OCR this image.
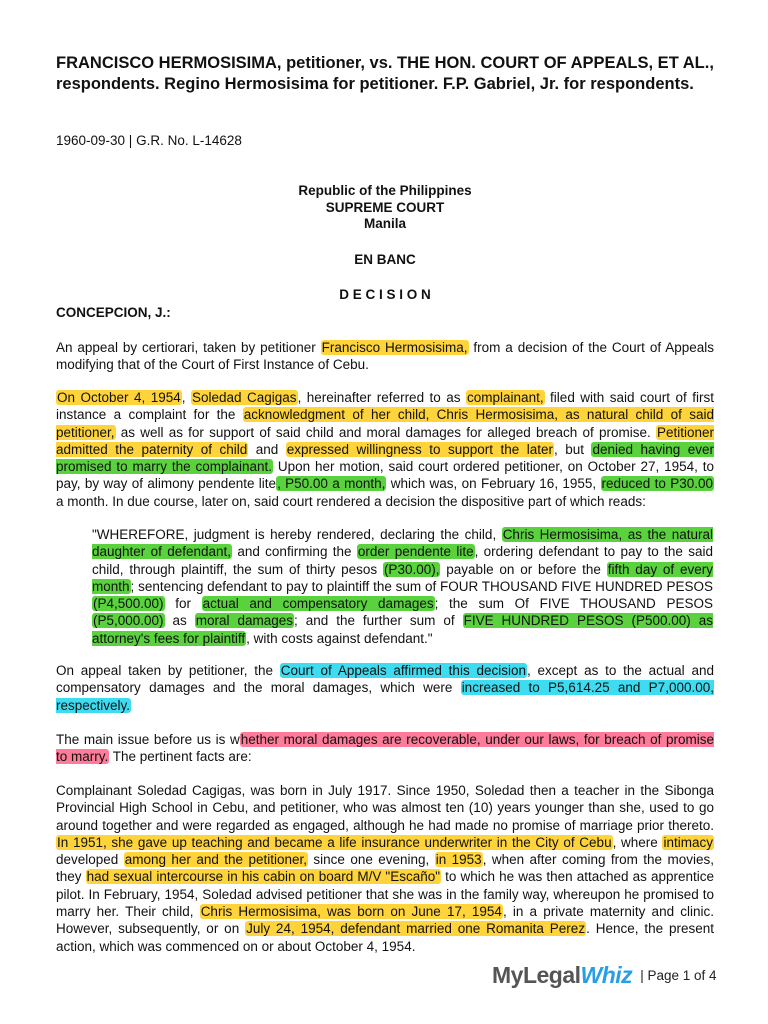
FRANCISCO HERMOSISIMA, petitioner, vs. THE HON. COURT OF APPEALS, ET AL., respondents. Regino Hermosisima for petitioner. F.P. Gabriel, Jr. for respondents.
1960-09-30 | G.R. No. L-14628
Republic of the Philippines
SUPREME COURT
Manila
EN BANC
D E C I S I O N
CONCEPCION, J.:

An appeal by certiorari, taken by petitioner Francisco Hermosisima, from a decision of the Court of Appeals modifying that of the Court of First Instance of Cebu.

On October 4, 1954, Soledad Cagigas, hereinafter referred to as complainant, filed with said court of first instance a complaint for the acknowledgment of her child, Chris Hermosisima, as natural child of said petitioner, as well as for support of said child and moral damages for alleged breach of promise. Petitioner admitted the paternity of child and expressed willingness to support the later, but denied having ever promised to marry the complainant. Upon her motion, said court ordered petitioner, on October 27, 1954, to pay, by way of alimony pendente lite, P50.00 a month, which was, on February 16, 1955, reduced to P30.00 a month. In due course, later on, said court rendered a decision the dispositive part of which reads:

"WHEREFORE, judgment is hereby rendered, declaring the child, Chris Hermosisima, as the natural daughter of defendant, and confirming the order pendente lite, ordering defendant to pay to the said child, through plaintiff, the sum of thirty pesos (P30.00), payable on or before the fifth day of every month; sentencing defendant to pay to plaintiff the sum of FOUR THOUSAND FIVE HUNDRED PESOS (P4,500.00) for actual and compensatory damages; the sum Of FIVE THOUSAND PESOS (P5,000.00) as moral damages; and the further sum of FIVE HUNDRED PESOS (P500.00) as attorney's fees for plaintiff, with costs against defendant."

On appeal taken by petitioner, the Court of Appeals affirmed this decision, except as to the actual and compensatory damages and the moral damages, which were increased to P5,614.25 and P7,000.00, respectively.

The main issue before us is whether moral damages are recoverable, under our laws, for breach of promise to marry. The pertinent facts are:

Complainant Soledad Cagigas, was born in July 1917. Since 1950, Soledad then a teacher in the Sibonga Provincial High School in Cebu, and petitioner, who was almost ten (10) years younger than she, used to go around together and were regarded as engaged, although he had made no promise of marriage prior thereto. In 1951, she gave up teaching and became a life insurance underwriter in the City of Cebu, where intimacy developed among her and the petitioner, since one evening, in 1953, when after coming from the movies, they had sexual intercourse in his cabin on board M/V "Escaño" to which he was then attached as apprentice pilot. In February, 1954, Soledad advised petitioner that she was in the family way, whereupon he promised to marry her. Their child, Chris Hermosisima, was born on June 17, 1954, in a private maternity and clinic. However, subsequently, or on July 24, 1954, defendant married one Romanita Perez. Hence, the present action, which was commenced on or about October 4, 1954.

MyLegalWhiz | Page 1 of 4
